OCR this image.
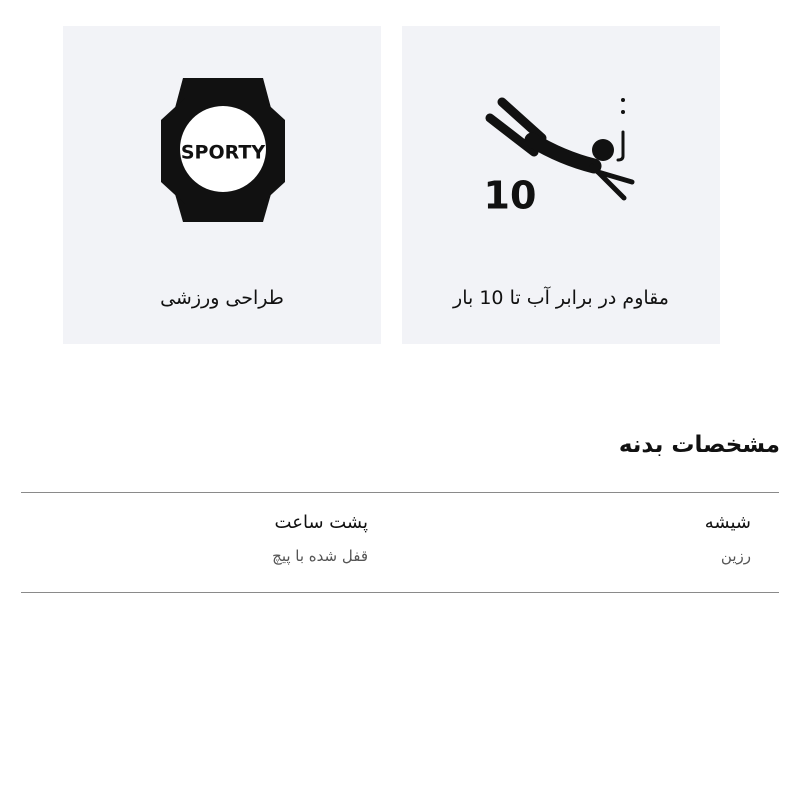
SPORTY
طراحی ورزشی
10
مقاوم در برابر آب تا 10 بار
مشخصات بدنه
شیشه
رزین
پشت ساعت
قفل شده با پیچ
